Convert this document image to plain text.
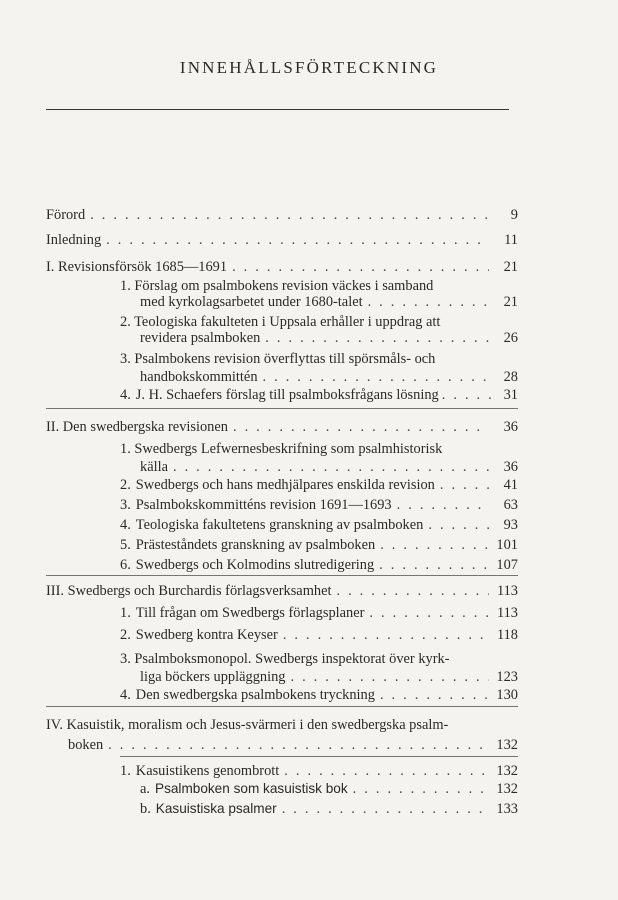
INNEHÅLLSFÖRTECKNING
Förord . . .	9
Inledning . . .	11
I. Revisionsförsök 1685—1691 . . .	21
1. Förslag om psalmbokens revision väckes i samband
med kyrkolagsarbetet under 1680-talet . . .	21
2. Teologiska fakulteten i Uppsala erhåller i uppdrag att
revidera psalmboken . . .	26
3. Psalmbokens revision överflyttas till spörsmåls- och
handbokskommittén . . .	28
4. J. H. Schaefers förslag till psalmboksfrågans lösning . . .	31
II. Den swedbergska revisionen . . .	36
1. Swedbergs Lefwernesbeskrifning som psalmhistorisk
källa . . .	36
2. Swedbergs och hans medhjälpares enskilda revision . . .	41
3. Psalmbokskommitténs revision 1691—1693 . . .	63
4. Teologiska fakultetens granskning av psalmboken . . .	93
5. Prästeståndets granskning av psalmboken . . .	101
6. Swedbergs och Kolmodins slutredigering . . .	107
III. Swedbergs och Burchardis förlagsverksamhet . . .	113
1. Till frågan om Swedbergs förlagsplaner . . .	113
2. Swedberg kontra Keyser . . .	118
3. Psalmboksmonopol. Swedbergs inspektorat över kyrk-
liga böckers uppläggning . . .	123
4. Den swedbergska psalmbokens tryckning . . .	130
IV. Kasuistik, moralism och Jesus-svärmeri i den swedbergska psalm-
boken . . .	132
1. Kasuistikens genombrott . . .	132
a. Psalmboken som kasuistisk bok . . .	132
b. Kasuistiska psalmer . . .	133
